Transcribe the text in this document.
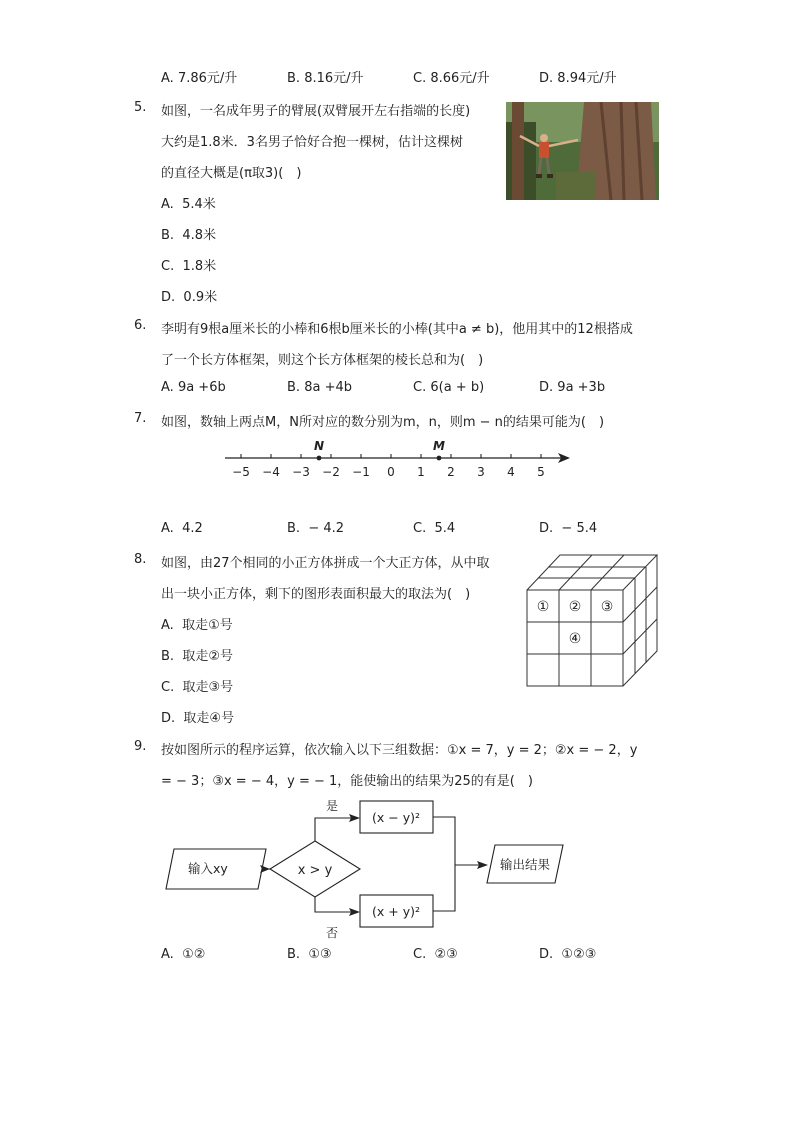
A. 7.86元/升	B. 8.16元/升	C. 8.66元/升	D. 8.94元/升
5. 如图，一名成年男子的臂展(双臂展开左右指端的长度)
大约是1.8米．3名男子恰好合抱一棵树，估计这棵树
的直径大概是(π取3)(　)
A. 5.4米
B. 4.8米
C. 1.8米
D. 0.9米
6. 李明有9根a厘米长的小棒和6根b厘米长的小棒(其中a ≠ b)，他用其中的12根搭成
了一个长方体框架，则这个长方体框架的棱长总和为(　)
A. 9a +6b	B. 8a +4b	C. 6(a + b)	D. 9a +3b
7. 如图，数轴上两点M，N所对应的数分别为m，n，则m − n的结果可能为(　)
−5 −4 −3 −2 −1 0 1 2 3 4 5
N	M
A. 4.2	B. − 4.2	C. 5.4	D. − 5.4
8. 如图，由27个相同的小正方体拼成一个大正方体，从中取
出一块小正方体，剩下的图形表面积最大的取法为(　)
A. 取走①号
B. 取走②号
C. 取走③号
D. 取走④号
① ② ③
④
9. 按如图所示的程序运算，依次输入以下三组数据：①x = 7，y = 2；②x = − 2，y
= − 3；③x = − 4，y = − 1，能使输出的结果为25的有是(　)
输入xy	x > y
是
否
(x − y)²
(x + y)²
输出结果
A. ①②	B. ①③	C. ②③	D. ①②③
